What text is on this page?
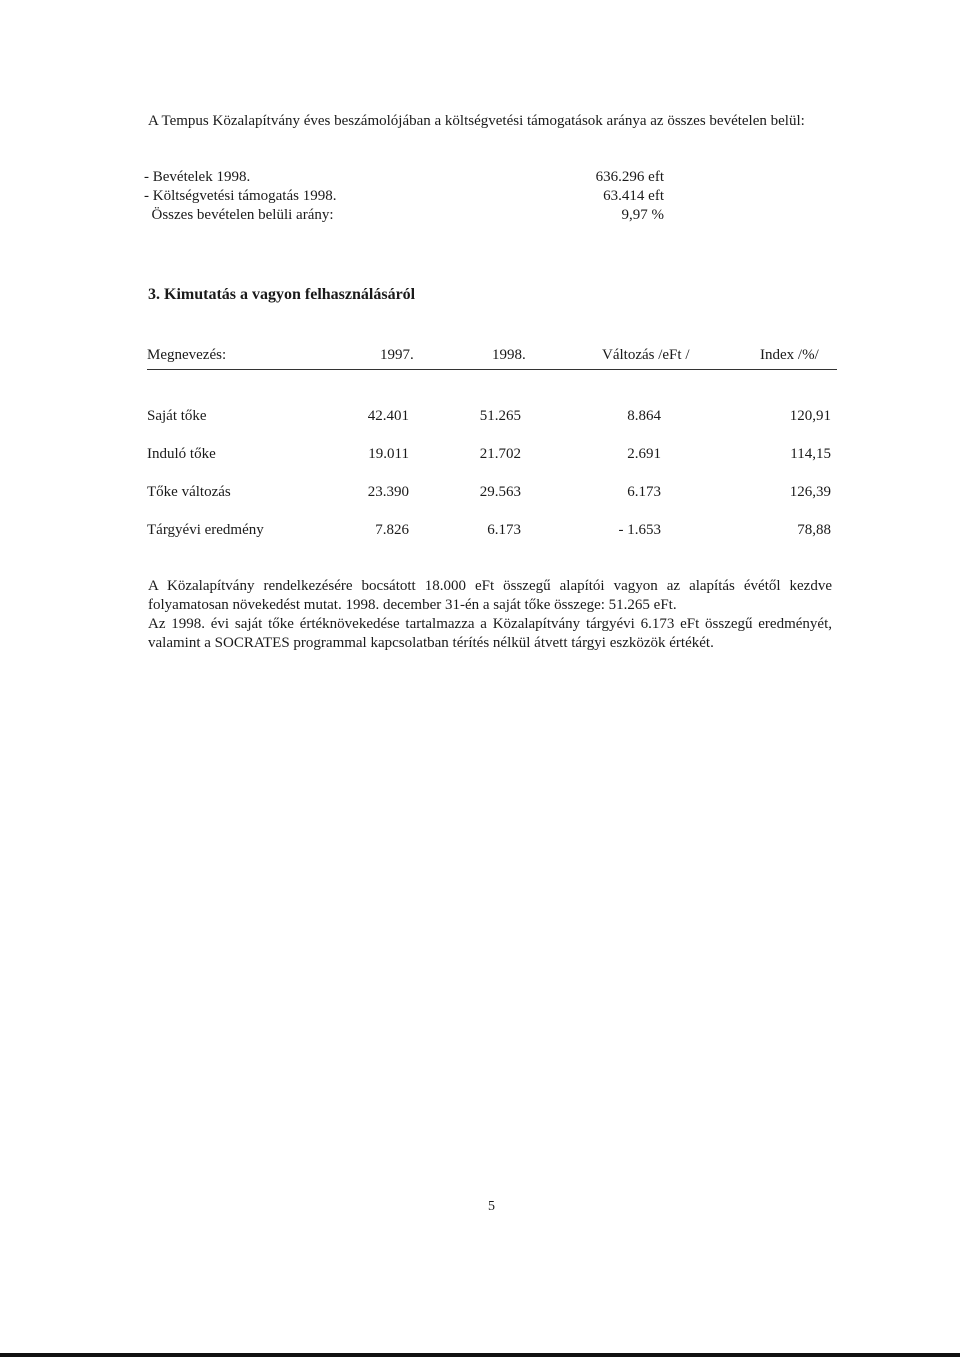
A Tempus Közalapítvány éves beszámolójában a költségvetési támogatások aránya az összes bevételen belül:
- Bevételek 1998.	636.296 eft
- Költségvetési támogatás 1998.	63.414 eft
Összes bevételen belüli arány:	9,97 %
3. Kimutatás a vagyon felhasználásáról
Megnevezés:	1997.	1998.	Változás /eFt /	Index /%/
Saját tőke	42.401	51.265	8.864	120,91
Induló tőke	19.011	21.702	2.691	114,15
Tőke változás	23.390	29.563	6.173	126,39
Tárgyévi eredmény	7.826	6.173	- 1.653	78,88

A Közalapítvány rendelkezésére bocsátott 18.000 eFt összegű alapítói vagyon az alapítás évétől kezdve folyamatosan növekedést mutat. 1998. december 31-én a saját tőke összege: 51.265 eFt.

Az 1998. évi saját tőke értéknövekedése tartalmazza a Közalapítvány tárgyévi 6.173 eFt összegű eredményét, valamint a SOCRATES programmal kapcsolatban térítés nélkül átvett tárgyi eszközök értékét.

5
